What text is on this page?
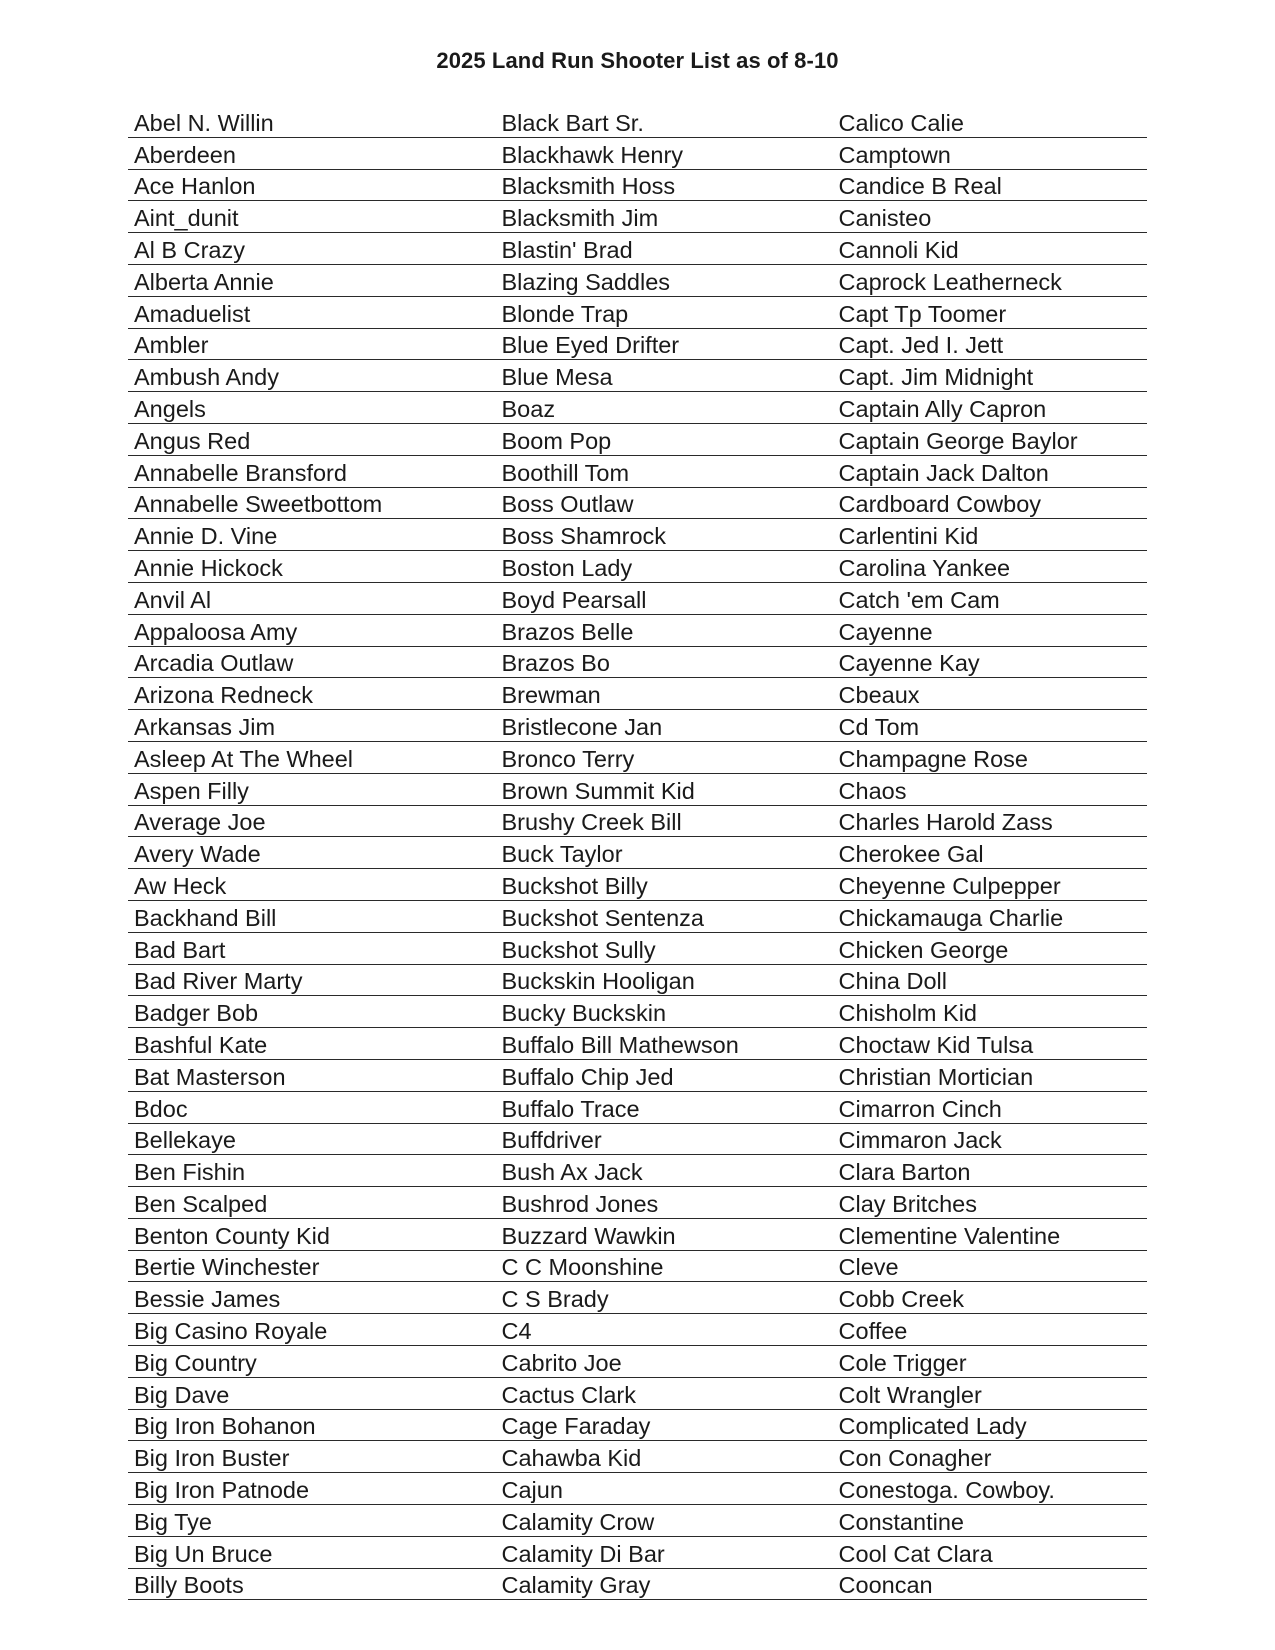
2025 Land Run Shooter List as of 8-10
Abel N. Willin	Black Bart Sr.	Calico Calie
Aberdeen	Blackhawk Henry	Camptown
Ace Hanlon	Blacksmith Hoss	Candice B Real
Aint_dunit	Blacksmith Jim	Canisteo
Al B Crazy	Blastin' Brad	Cannoli Kid
Alberta Annie	Blazing Saddles	Caprock Leatherneck
Amaduelist	Blonde Trap	Capt Tp Toomer
Ambler	Blue Eyed Drifter	Capt. Jed I. Jett
Ambush Andy	Blue Mesa	Capt. Jim Midnight
Angels	Boaz	Captain Ally Capron
Angus Red	Boom Pop	Captain George Baylor
Annabelle Bransford	Boothill Tom	Captain Jack Dalton
Annabelle Sweetbottom	Boss Outlaw	Cardboard Cowboy
Annie D. Vine	Boss Shamrock	Carlentini Kid
Annie Hickock	Boston Lady	Carolina Yankee
Anvil Al	Boyd Pearsall	Catch 'em Cam
Appaloosa Amy	Brazos Belle	Cayenne
Arcadia Outlaw	Brazos Bo	Cayenne Kay
Arizona Redneck	Brewman	Cbeaux
Arkansas Jim	Bristlecone Jan	Cd Tom
Asleep At The Wheel	Bronco Terry	Champagne Rose
Aspen Filly	Brown Summit Kid	Chaos
Average Joe	Brushy Creek Bill	Charles Harold Zass
Avery Wade	Buck Taylor	Cherokee Gal
Aw Heck	Buckshot Billy	Cheyenne Culpepper
Backhand Bill	Buckshot Sentenza	Chickamauga Charlie
Bad Bart	Buckshot Sully	Chicken George
Bad River Marty	Buckskin Hooligan	China Doll
Badger Bob	Bucky Buckskin	Chisholm Kid
Bashful Kate	Buffalo Bill Mathewson	Choctaw Kid Tulsa
Bat Masterson	Buffalo Chip Jed	Christian Mortician
Bdoc	Buffalo Trace	Cimarron Cinch
Bellekaye	Buffdriver	Cimmaron Jack
Ben Fishin	Bush Ax Jack	Clara Barton
Ben Scalped	Bushrod Jones	Clay Britches
Benton County Kid	Buzzard Wawkin	Clementine Valentine
Bertie Winchester	C C Moonshine	Cleve
Bessie James	C S Brady	Cobb Creek
Big Casino Royale	C4	Coffee
Big Country	Cabrito Joe	Cole Trigger
Big Dave	Cactus Clark	Colt Wrangler
Big Iron Bohanon	Cage Faraday	Complicated Lady
Big Iron Buster	Cahawba Kid	Con Conagher
Big Iron Patnode	Cajun	Conestoga. Cowboy.
Big Tye	Calamity Crow	Constantine
Big Un Bruce	Calamity Di Bar	Cool Cat Clara
Billy Boots	Calamity Gray	Cooncan
